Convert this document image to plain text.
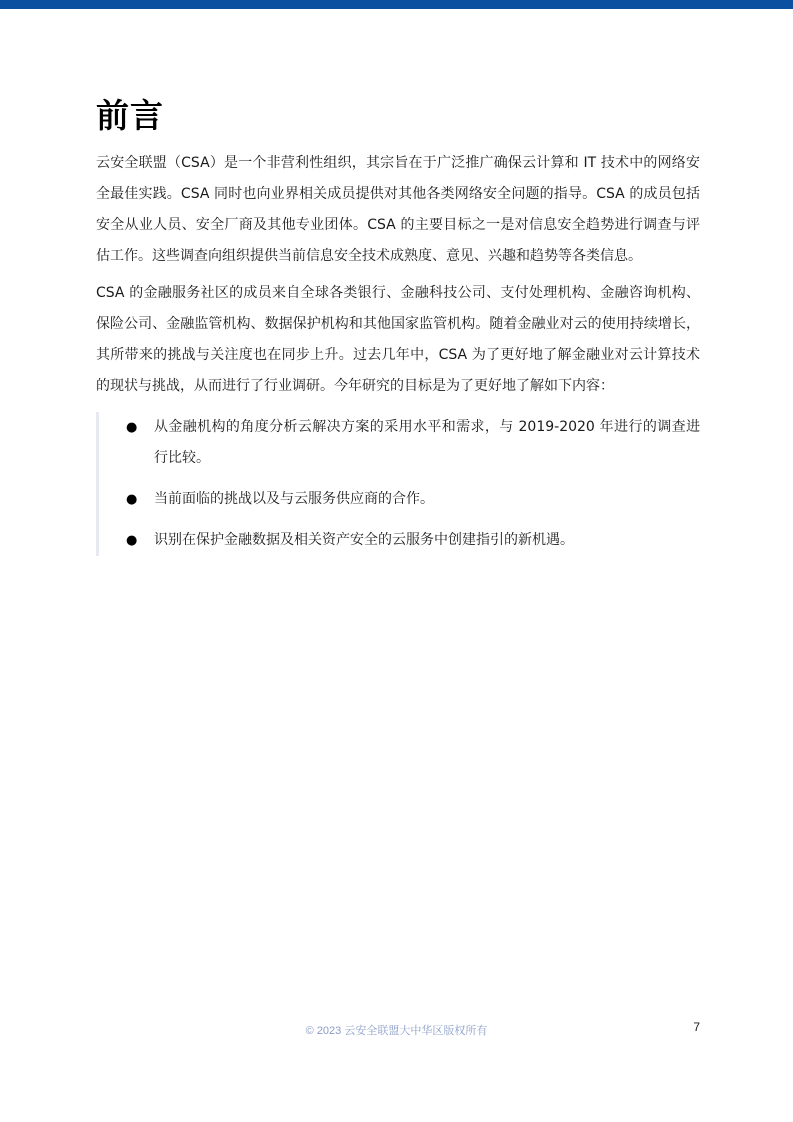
前言

云安全联盟（CSA）是一个非营利性组织，其宗旨在于广泛推广确保云计算和 IT 技术中的网络安全最佳实践。CSA 同时也向业界相关成员提供对其他各类网络安全问题的指导。CSA 的成员包括安全从业人员、安全厂商及其他专业团体。CSA 的主要目标之一是对信息安全趋势进行调查与评估工作。这些调查向组织提供当前信息安全技术成熟度、意见、兴趣和趋势等各类信息。

CSA 的金融服务社区的成员来自全球各类银行、金融科技公司、支付处理机构、金融咨询机构、保险公司、金融监管机构、数据保护机构和其他国家监管机构。随着金融业对云的使用持续增长，其所带来的挑战与关注度也在同步上升。过去几年中，CSA 为了更好地了解金融业对云计算技术的现状与挑战，从而进行了行业调研。今年研究的目标是为了更好地了解如下内容：

● 从金融机构的角度分析云解决方案的采用水平和需求，与 2019-2020 年进行的调查进行比较。
● 当前面临的挑战以及与云服务供应商的合作。
● 识别在保护金融数据及相关资产安全的云服务中创建指引的新机遇。
© 2023 云安全联盟大中华区版权所有	7
